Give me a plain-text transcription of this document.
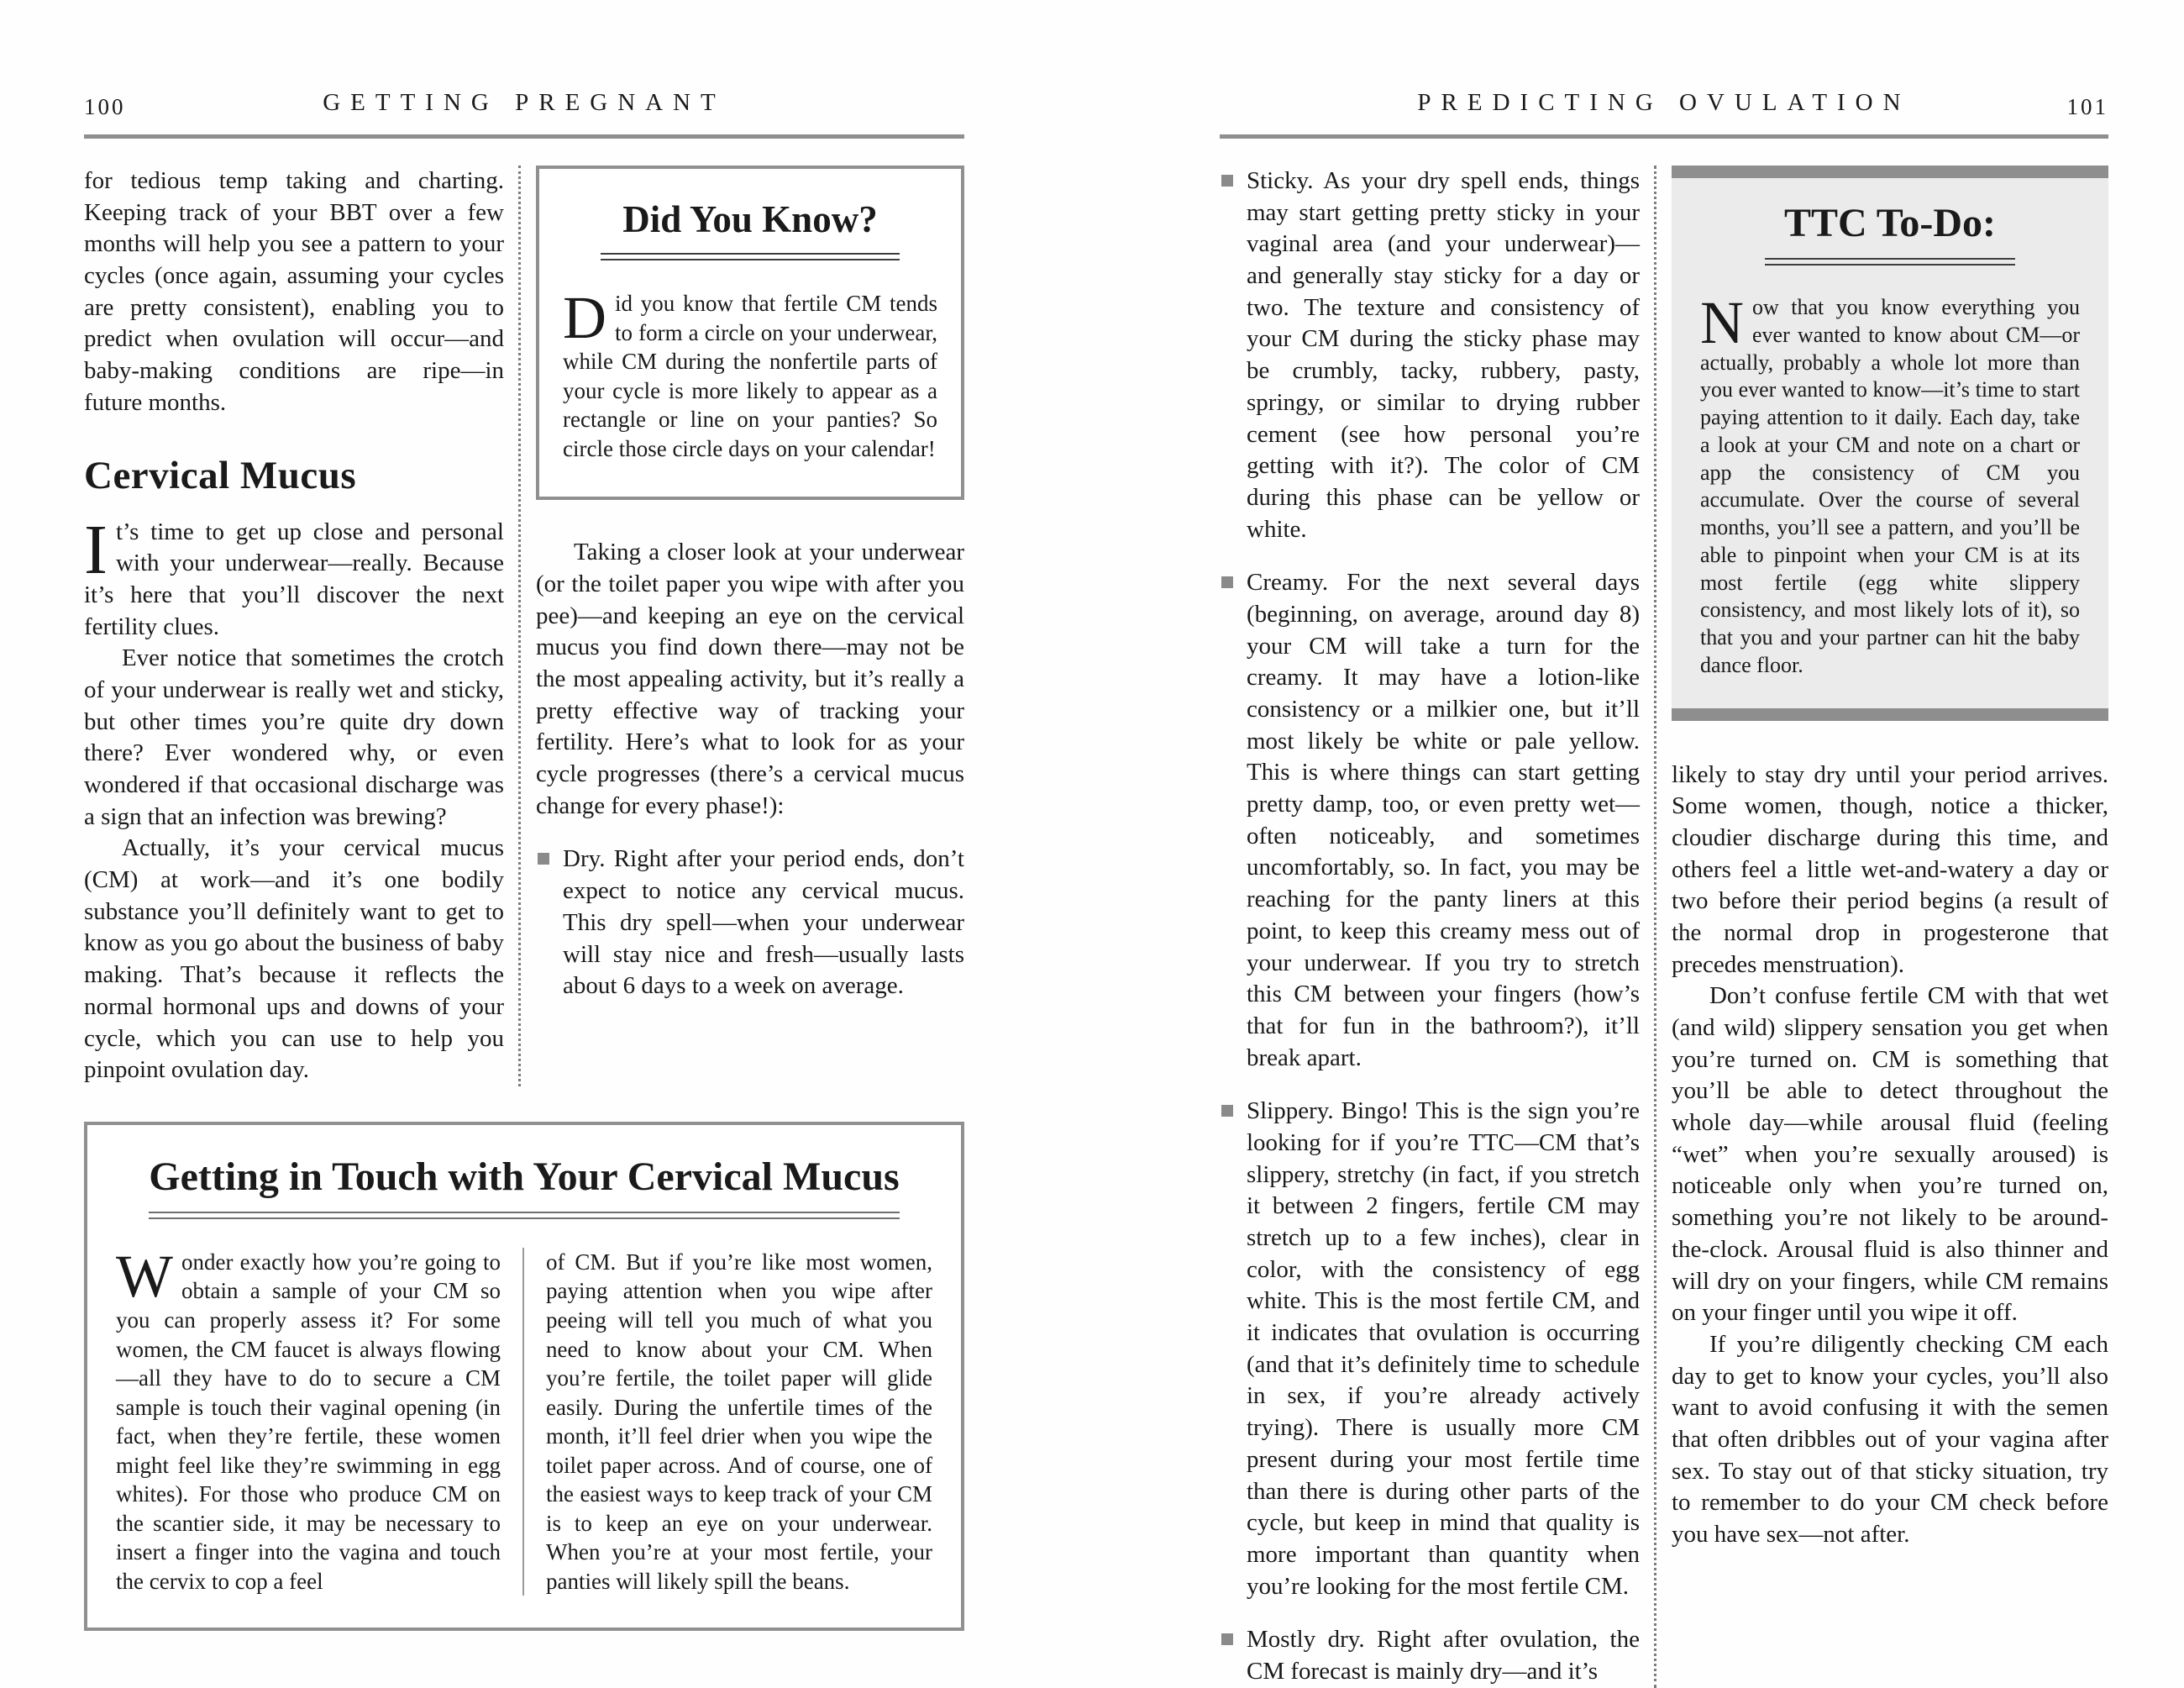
100	GETTING PREGNANT

for tedious temp taking and charting. Keeping track of your BBT over a few months will help you see a pattern to your cycles (once again, assuming your cycles are pretty consistent), enabling you to predict when ovulation will occur—and baby-making conditions are ripe—in future months.

Cervical Mucus

It’s time to get up close and personal with your underwear—really. Because it’s here that you’ll discover the next fertility clues.

Ever notice that sometimes the crotch of your underwear is really wet and sticky, but other times you’re quite dry down there? Ever wondered why, or even wondered if that occasional discharge was a sign that an infection was brewing?

Actually, it’s your cervical mucus (CM) at work—and it’s one bodily substance you’ll definitely want to get to know as you go about the business of baby making. That’s because it reflects the normal hormonal ups and downs of your cycle, which you can use to help you pinpoint ovulation day.

Did You Know?

Did you know that fertile CM tends to form a circle on your underwear, while CM during the nonfertile parts of your cycle is more likely to appear as a rectangle or line on your panties? So circle those circle days on your calendar!

Taking a closer look at your underwear (or the toilet paper you wipe with after you pee)—and keeping an eye on the cervical mucus you find down there—may not be the most appealing activity, but it’s really a pretty effective way of tracking your fertility. Here’s what to look for as your cycle progresses (there’s a cervical mucus change for every phase!):

Dry. Right after your period ends, don’t expect to notice any cervical mucus. This dry spell—when your underwear will stay nice and fresh—usually lasts about 6 days to a week on average.

Getting in Touch with Your Cervical Mucus

Wonder exactly how you’re going to obtain a sample of your CM so you can properly assess it? For some women, the CM faucet is always flowing—all they have to do to secure a CM sample is touch their vaginal opening (in fact, when they’re fertile, these women might feel like they’re swimming in egg whites). For those who produce CM on the scantier side, it may be necessary to insert a finger into the vagina and touch the cervix to cop a feel

of CM. But if you’re like most women, paying attention when you wipe after peeing will tell you much of what you need to know about your CM. When you’re fertile, the toilet paper will glide easily. During the unfertile times of the month, it’ll feel drier when you wipe the toilet paper across. And of course, one of the easiest ways to keep track of your CM is to keep an eye on your underwear. When you’re at your most fertile, your panties will likely spill the beans.

PREDICTING OVULATION	101

Sticky. As your dry spell ends, things may start getting pretty sticky in your vaginal area (and your underwear)—and generally stay sticky for a day or two. The texture and consistency of your CM during the sticky phase may be crumbly, tacky, rubbery, pasty, springy, or similar to drying rubber cement (see how personal you’re getting with it?). The color of CM during this phase can be yellow or white.

Creamy. For the next several days (beginning, on average, around day 8) your CM will take a turn for the creamy. It may have a lotion-like consistency or a milkier one, but it’ll most likely be white or pale yellow. This is where things can start getting pretty damp, too, or even pretty wet—often noticeably, and sometimes uncomfortably, so. In fact, you may be reaching for the panty liners at this point, to keep this creamy mess out of your underwear. If you try to stretch this CM between your fingers (how’s that for fun in the bathroom?), it’ll break apart.

Slippery. Bingo! This is the sign you’re looking for if you’re TTC—CM that’s slippery, stretchy (in fact, if you stretch it between 2 fingers, fertile CM may stretch up to a few inches), clear in color, with the consistency of egg white. This is the most fertile CM, and it indicates that ovulation is occurring (and that it’s definitely time to schedule in sex, if you’re already actively trying). There is usually more CM present during your most fertile time than there is during other parts of the cycle, but keep in mind that quality is more important than quantity when you’re looking for the most fertile CM.

Mostly dry. Right after ovulation, the CM forecast is mainly dry—and it’s

TTC To-Do:

Now that you know everything you ever wanted to know about CM—or actually, probably a whole lot more than you ever wanted to know—it’s time to start paying attention to it daily. Each day, take a look at your CM and note on a chart or app the consistency of CM you accumulate. Over the course of several months, you’ll see a pattern, and you’ll be able to pinpoint when your CM is at its most fertile (egg white slippery consistency, and most likely lots of it), so that you and your partner can hit the baby dance floor.

likely to stay dry until your period arrives. Some women, though, notice a thicker, cloudier discharge during this time, and others feel a little wet-and-watery a day or two before their period begins (a result of the normal drop in progesterone that precedes menstruation).

Don’t confuse fertile CM with that wet (and wild) slippery sensation you get when you’re turned on. CM is something that you’ll be able to detect throughout the whole day—while arousal fluid (feeling “wet” when you’re sexually aroused) is noticeable only when you’re turned on, something you’re not likely to be around-the-clock. Arousal fluid is also thinner and will dry on your fingers, while CM remains on your finger until you wipe it off.

If you’re diligently checking CM each day to get to know your cycles, you’ll also want to avoid confusing it with the semen that often dribbles out of your vagina after sex. To stay out of that sticky situation, try to remember to do your CM check before you have sex—not after.
